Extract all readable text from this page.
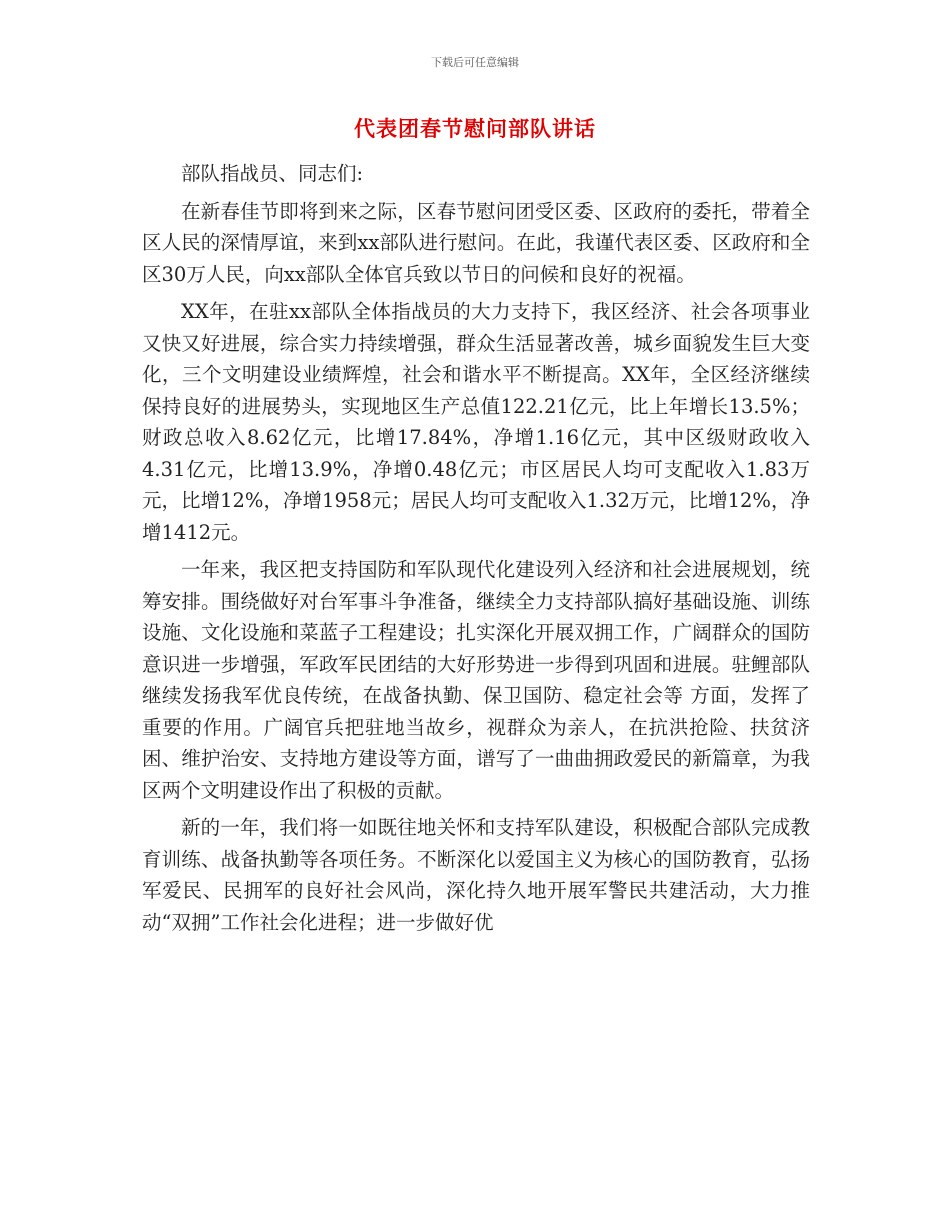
下载后可任意编辑
代表团春节慰问部队讲话

部队指战员、同志们:

在新春佳节即将到来之际，区春节慰问团受区委、区政府的委托，带着全区人民的深情厚谊，来到xx部队进行慰问。在此，我谨代表区委、区政府和全区30万人民，向xx部队全体官兵致以节日的问候和良好的祝福。

XX年，在驻xx部队全体指战员的大力支持下，我区经济、社会各项事业又快又好进展，综合实力持续增强，群众生活显著改善，城乡面貌发生巨大变化，三个文明建设业绩辉煌，社会和谐水平不断提高。XX年，全区经济继续保持良好的进展势头，实现地区生产总值122.21亿元，比上年增长13.5%；财政总收入8.62亿元，比增17.84%，净增1.16亿元，其中区级财政收入4.31亿元，比增13.9%，净增0.48亿元；市区居民人均可支配收入1.83万元，比增12%，净增1958元；居民人均可支配收入1.32万元，比增12%，净增1412元。

一年来，我区把支持国防和军队现代化建设列入经济和社会进展规划，统筹安排。围绕做好对台军事斗争准备，继续全力支持部队搞好基础设施、训练设施、文化设施和菜蓝子工程建设；扎实深化开展双拥工作，广阔群众的国防意识进一步增强，军政军民团结的大好形势进一步得到巩固和进展。驻鲤部队继续发扬我军优良传统，在战备执勤、保卫国防、稳定社会等 方面，发挥了重要的作用。广阔官兵把驻地当故乡，视群众为亲人，在抗洪抢险、扶贫济困、维护治安、支持地方建设等方面，谱写了一曲曲拥政爱民的新篇章，为我区两个文明建设作出了积极的贡献。

新的一年，我们将一如既往地关怀和支持军队建设，积极配合部队完成教育训练、战备执勤等各项任务。不断深化以爱国主义为核心的国防教育，弘扬军爱民、民拥军的良好社会风尚，深化持久地开展军警民共建活动，大力推动“双拥”工作社会化进程；进一步做好优
